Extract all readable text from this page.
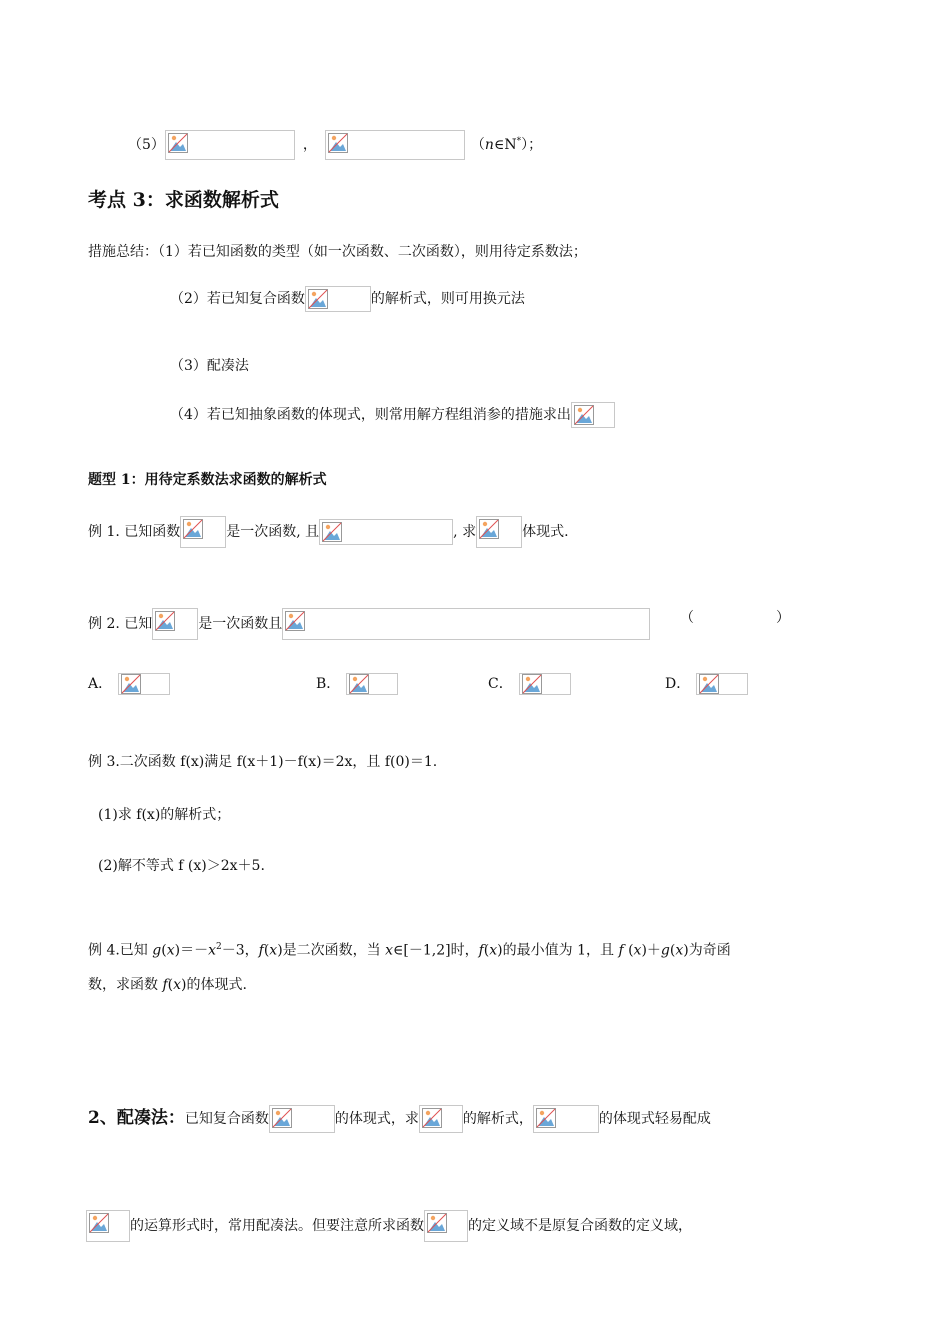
（5）	，	（n∈N*）；
考点 3：求函数解析式
措施总结：（1）若已知函数的类型（如一次函数、二次函数），则用待定系数法；
（2）若已知复合函数	的解析式，则可用换元法
（3）配凑法
（4）若已知抽象函数的体现式，则常用解方程组消参的措施求出
题型 1：用待定系数法求函数的解析式
例 1. 已知函数	是一次函数, 且	, 求	体现式.
例 2. 已知	是一次函数且	（	）
A．	B．	C．	D．
例 3.二次函数 f(x)满足 f(x＋1)－f(x)＝2x，且 f(0)＝1.
(1)求 f(x)的解析式；
(2)解不等式 f (x)＞2x＋5.
例 4.已知 $g(x)=-x^2-3$，f(x)是二次函数，当 x∈[－1,2]时，f(x)的最小值为 1，且 f (x)＋g(x)为奇函
数，求函数 f(x)的体现式.
2、配凑法：已知复合函数	的体现式，求	的解析式，	的体现式轻易配成
的运算形式时，常用配凑法。但要注意所求函数	的定义域不是原复合函数的定义域，
